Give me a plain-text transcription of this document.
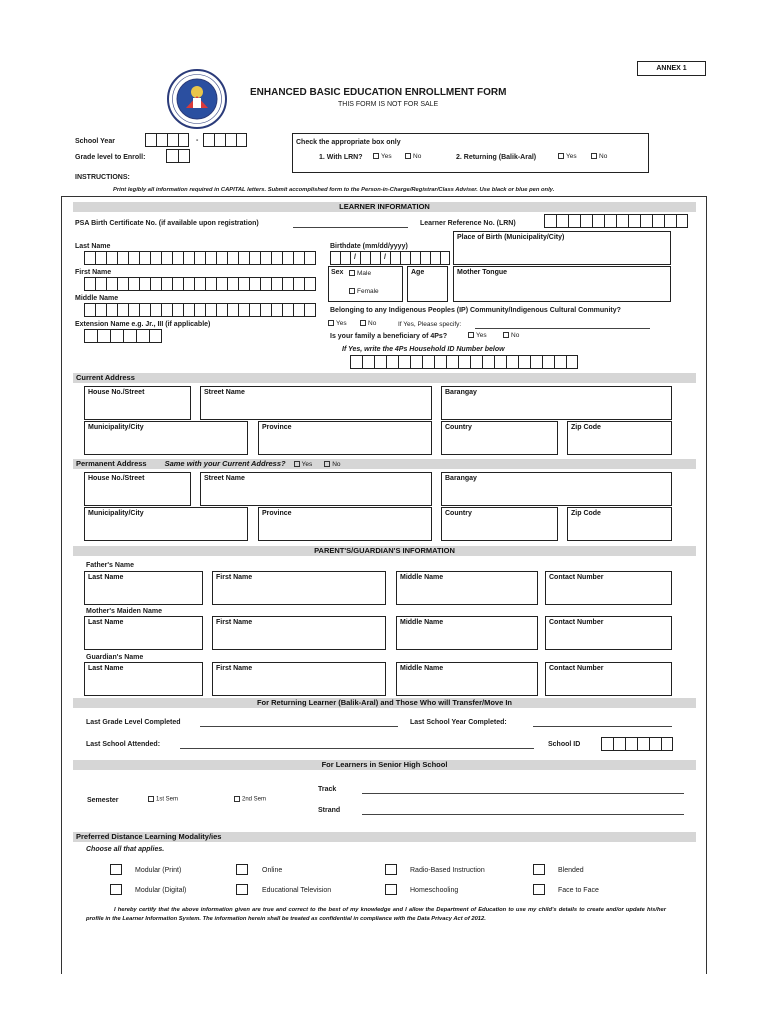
ANNEX 1
ENHANCED BASIC EDUCATION ENROLLMENT FORM
THIS FORM IS NOT FOR SALE
School Year	-
Grade level to Enroll:
Check the appropriate box only
1. With LRN?	Yes	No	2. Returning (Balik-Aral)	Yes	No
INSTRUCTIONS:
Print legibly all information required in CAPITAL letters. Submit accomplished form to the Person-in-Charge/Registrar/Class Adviser. Use black or blue pen only.
LEARNER INFORMATION
PSA Birth Certificate No. (if available upon registration)	Learner Reference No. (LRN)
Last Name	Birthdate (mm/dd/yyyy)
/	/
Place of Birth (Municipality/City)
First Name	Sex	Male
Female
Age	Mother Tongue
Middle Name
Belonging to any Indigenous Peoples (IP) Community/Indigenous Cultural Community?
Extension Name e.g. Jr., III (if applicable)	Yes	No	If Yes, Please specify:
Is your family a beneficiary of 4Ps?	Yes	No
If Yes, write the 4Ps Household ID Number below
Current Address
House No./Street	Street Name	Barangay
Municipality/City	Province	Country	Zip Code
Permanent Address Same with your Current Address? Yes	No
House No./Street	Street Name	Barangay
Municipality/City	Province	Country	Zip Code
PARENT'S/GUARDIAN'S INFORMATION
Father's Name
Last Name	First Name	Middle Name	Contact Number
Mother's Maiden Name
Last Name	First Name	Middle Name	Contact Number
Guardian's Name
Last Name	First Name	Middle Name	Contact Number
For Returning Learner (Balik-Aral) and Those Who will Transfer/Move In
Last Grade Level Completed	Last School Year Completed:
Last School Attended:	School ID
For Learners in Senior High School
Track
Semester	1st Sem	2nd Sem
Strand
Preferred Distance Learning Modality/ies
Choose all that applies.
Modular (Print)	Online	Radio-Based Instruction	Blended
Modular (Digital)	Educational Television	Homeschooling	Face to Face
I hereby certify that the above information given are true and correct to the best of my knowledge and I allow the Department of Education to use my child's details to create and/or update his/her profile in the Learner Information System. The information herein shall be treated as confidential in compliance with the Data Privacy Act of 2012.
